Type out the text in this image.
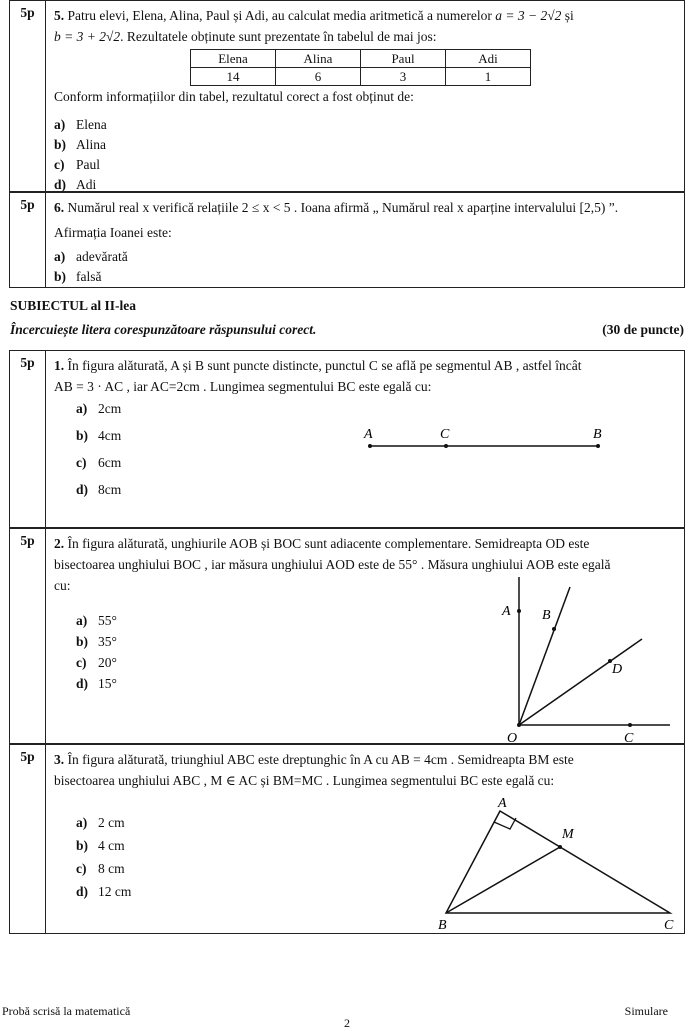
5p	5. Patru elevi, Elena, Alina, Paul și Adi, au calculat media aritmetică a numerelor a = 3 − 2√2 și
b = 3 + 2√2. Rezultatele obținute sunt prezentate în tabelul de mai jos:
Elena	Alina	Paul	Adi
14	6	3	1
Conform informațiilor din tabel, rezultatul corect a fost obținut de:
a) Elena
b) Alina
c) Paul
d) Adi
5p	6. Numărul real x verifică relațiile 2 ≤ x < 5 . Ioana afirmă „ Numărul real x aparține intervalului [2,5) ”.
Afirmația Ioanei este:
a) adevărată
b) falsă
SUBIECTUL al II-lea
Încercuiește litera corespunzătoare răspunsului corect.	(30 de puncte)
5p	1. În figura alăturată, A și B sunt puncte distincte, punctul C se află pe segmentul AB , astfel încât
AB = 3 · AC , iar AC=2cm . Lungimea segmentului BC este egală cu:
a) 2cm
b) 4cm
c) 6cm
d) 8cm
A	C	B
5p	2. În figura alăturată, unghiurile AOB și BOC sunt adiacente complementare. Semidreapta OD este
bisectoarea unghiului BOC , iar măsura unghiului AOD este de 55° . Măsura unghiului AOB este egală
cu:
a) 55°
b) 35°
c) 20°
d) 15°
A B
D
O	C
5p	3. În figura alăturată, triunghiul ABC este dreptunghic în A cu AB = 4cm . Semidreapta BM este
bisectoarea unghiului ABC , M ∈ AC și BM=MC . Lungimea segmentului BC este egală cu:
a) 2 cm
b) 4 cm
c) 8 cm
d) 12 cm
A
M
B	C
Probă scrisă la matematică	Simulare
2
